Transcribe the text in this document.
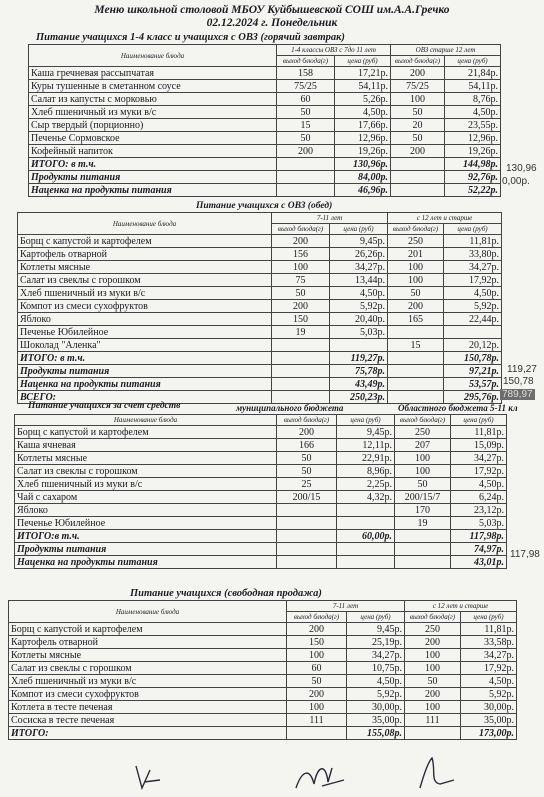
Меню школьной столовой МБОУ Куйбышевской СОШ им.А.А.Гречко
02.12.2024 г. Понедельник
Питание учащихся 1-4 класс и учащихся с ОВЗ (горячий завтрак)
Наименование блюда	1-4 классы ОВЗ с 7до 11 лет		ОВЗ старше 12 лет	
	выход блюда(г)	цена (руб)	выход блюда(г)	цена (руб)
Каша гречневая рассыпчатая	158	17,21р.	200	21,84р.
Куры тушенные в сметанном соусе	75/25	54,11р.	75/25	54,11р.
Салат из капусты с морковью	60	5,26р.	100	8,76р.
Хлеб пшеничный из муки в/с	50	4,50р.	50	4,50р.
Сыр твердый (порционно)	15	17,66р.	20	23,55р.
Печенье Сормовское	50	12,96р.	50	12,96р.
Кофейный напиток	200	19,26р.	200	19,26р.
ИТОГО: в т.ч.		130,96р.		144,98р.
Продукты питания		84,00р.		92,76р.
Наценка на продукты питания		46,96р.		52,22р.
130,96
0,00р.
Питание учащихся с ОВЗ (обед)
Наименование блюда	7-11 лет		с 12 лет и старше	
	выход блюда(г)	цена (руб)	выход блюда(г)	цена (руб)
Борщ с капустой и картофелем	200	9,45р.	250	11,81р.
Картофель отварной	156	26,26р.	201	33,80р.
Котлеты мясные	100	34,27р.	100	34,27р.
Салат из свеклы с горошком	75	13,44р.	100	17,92р.
Хлеб пшеничный из муки в/с	50	4,50р.	50	4,50р.
Компот из смеси сухофруктов	200	5,92р.	200	5,92р.
Яблоко	150	20,40р.	165	22,44р.
Печенье Юбилейное	19	5,03р.		
Шоколад "Аленка"			15	20,12р.
ИТОГО: в т.ч.		119,27р.		150,78р.
Продукты питания		75,78р.		97,21р.
Наценка на продукты питания		43,49р.		53,57р.
ВСЕГО:		250,23р.		295,76р.
119,27
150,78
789,97
Питание учащихся за счет средств	муниципального бюджета	Областного бюджета 5-11 кл
Наименование блюда	выход блюда(г)	цена (руб)	выход блюда(г)	цена (руб)
Борщ с капустой и картофелем	200	9,45р.	250	11,81р.
Каша ячневая	166	12,11р.	207	15,09р.
Котлеты мясные	50	22,91р.	100	34,27р.
Салат из свеклы с горошком	50	8,96р.	100	17,92р.
Хлеб пшеничный из муки в/с	25	2,25р.	50	4,50р.
Чай с сахаром	200/15	4,32р.	200/15/7	6,24р.
Яблоко			170	23,12р.
Печенье Юбилейное			19	5,03р.
ИТОГО:в т.ч.		60,00р.		117,98р.
Продукты питания				74,97р.
Наценка на продукты питания				43,01р.
117,98
Питание учащихся (свободная продажа)
Наименование блюда	7-11 лет		с 12 лет и старше	
	выход блюда(г)	цена (руб)	выход блюда(г)	цена (руб)
Борщ с капустой и картофелем	200	9,45р.	250	11,81р.
Картофель отварной	150	25,19р.	200	33,58р.
Котлеты мясные	100	34,27р.	100	34,27р.
Салат из свеклы с горошком	60	10,75р.	100	17,92р.
Хлеб пшеничный из муки в/с	50	4,50р.	50	4,50р.
Компот из смеси сухофруктов	200	5,92р.	200	5,92р.
Котлета в тесте печеная	100	30,00р.	100	30,00р.
Сосиска в тесте печеная	111	35,00р.	111	35,00р.
ИТОГО:		155,08р.		173,00р.
